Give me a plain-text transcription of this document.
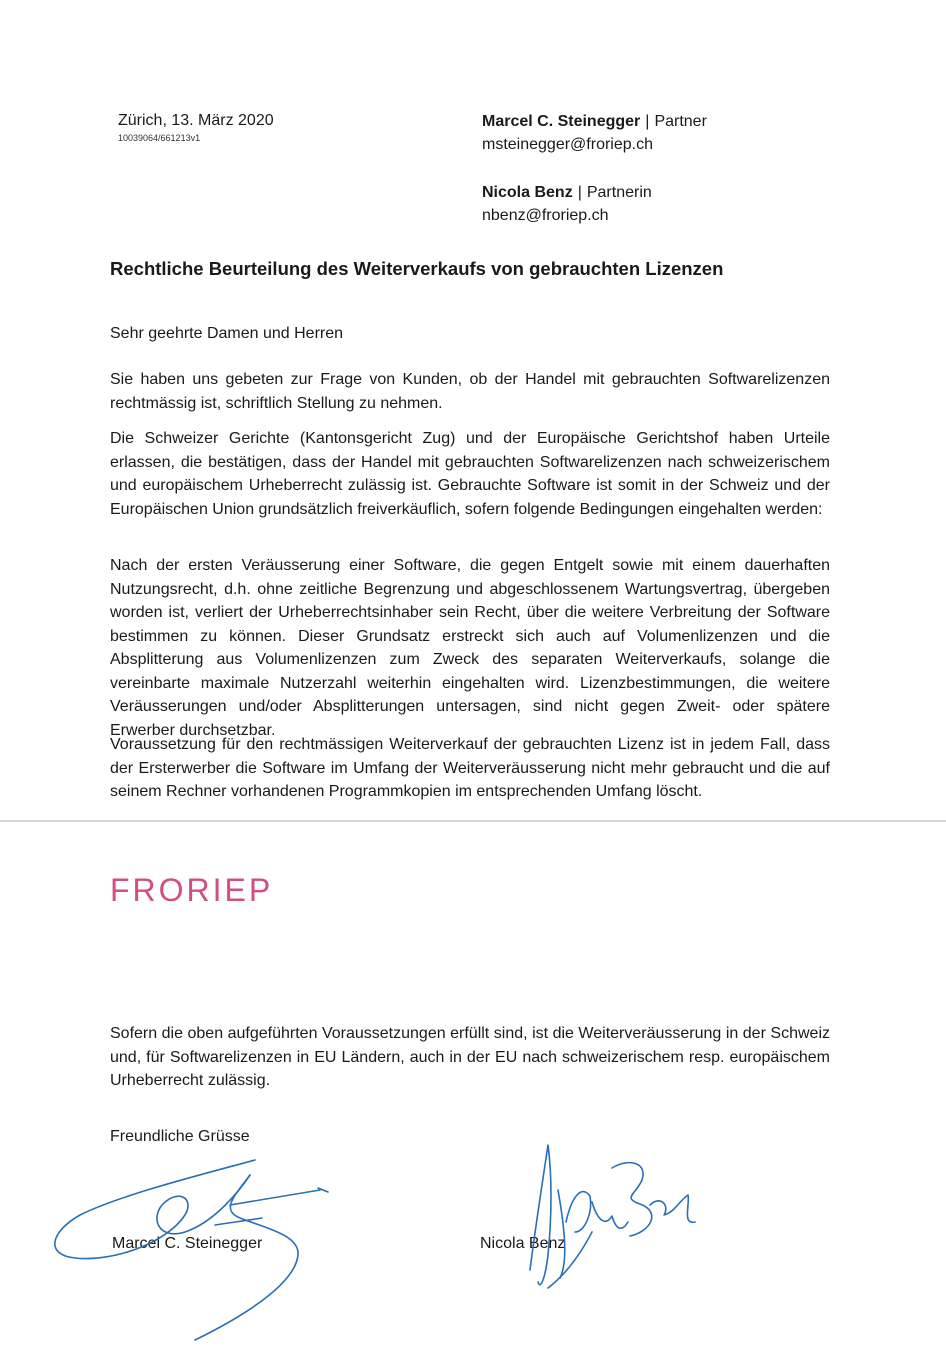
Zürich, 13. März 2020
10039064/661213v1
Marcel C. Steinegger | Partner
msteinegger@froriep.ch
Nicola Benz | Partnerin
nbenz@froriep.ch
Rechtliche Beurteilung des Weiterverkaufs von gebrauchten Lizenzen
Sehr geehrte Damen und Herren

Sie haben uns gebeten zur Frage von Kunden, ob der Handel mit gebrauchten Softwarelizenzen rechtmässig ist, schriftlich Stellung zu nehmen.

Die Schweizer Gerichte (Kantonsgericht Zug) und der Europäische Gerichtshof haben Urteile erlassen, die bestätigen, dass der Handel mit gebrauchten Softwarelizenzen nach schweizerischem und europäischem Urheberrecht zulässig ist. Gebrauchte Software ist somit in der Schweiz und der Europäischen Union grundsätzlich freiverkäuflich, sofern folgende Bedingungen eingehalten werden:

Nach der ersten Veräusserung einer Software, die gegen Entgelt sowie mit einem dauerhaften Nutzungsrecht, d.h. ohne zeitliche Begrenzung und abgeschlossenem Wartungsvertrag, übergeben worden ist, verliert der Urheberrechtsinhaber sein Recht, über die weitere Verbreitung der Software bestimmen zu können. Dieser Grundsatz erstreckt sich auch auf Volumenlizenzen und die Absplitterung aus Volumenlizenzen zum Zweck des separaten Weiterverkaufs, solange die vereinbarte maximale Nutzerzahl weiterhin eingehalten wird. Lizenzbestimmungen, die weitere Veräusserungen und/oder Absplitterungen untersagen, sind nicht gegen Zweit- oder spätere Erwerber durchsetzbar.

Voraussetzung für den rechtmässigen Weiterverkauf der gebrauchten Lizenz ist in jedem Fall, dass der Ersterwerber die Software im Umfang der Weiterveräusserung nicht mehr gebraucht und die auf seinem Rechner vorhandenen Programmkopien im entsprechenden Umfang löscht.

FRORIEP

Sofern die oben aufgeführten Voraussetzungen erfüllt sind, ist die Weiterveräusserung in der Schweiz und, für Softwarelizenzen in EU Ländern, auch in der EU nach schweizerischem resp. europäischem Urheberrecht zulässig.

Freundliche Grüsse
Marcel C. Steinegger	Nicola Benz
